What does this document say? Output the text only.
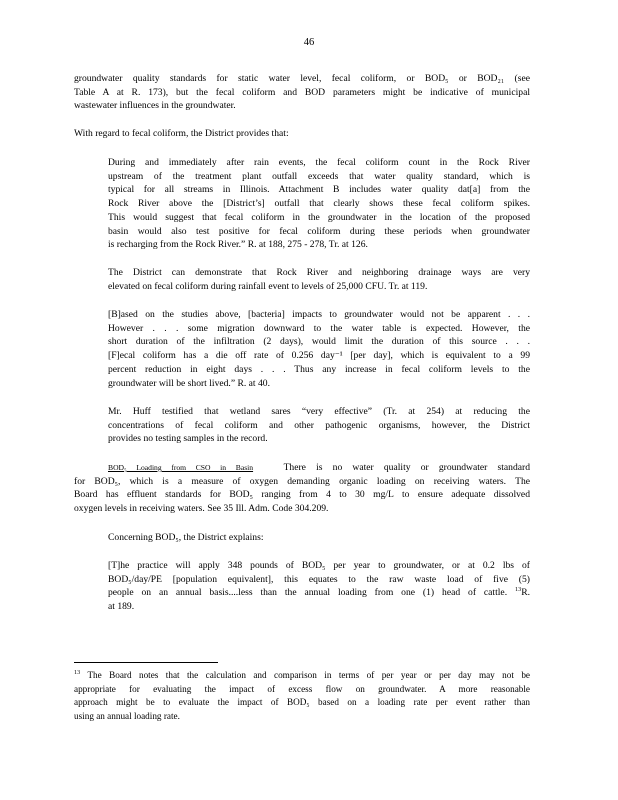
46
groundwater quality standards for static water level, fecal coliform, or BOD₅ or BOD₂₁ (see
Table A at R. 173), but the fecal coliform and BOD parameters might be indicative of municipal
wastewater influences in the groundwater.
With regard to fecal coliform, the District provides that:
During and immediately after rain events, the fecal coliform count in the Rock River
upstream of the treatment plant outfall exceeds that water quality standard, which is
typical for all streams in Illinois. Attachment B includes water quality dat[a] from the
Rock River above the [District’s] outfall that clearly shows these fecal coliform spikes.
This would suggest that fecal coliform in the groundwater in the location of the proposed
basin would also test positive for fecal coliform during these periods when groundwater
is recharging from the Rock River.” R. at 188, 275 - 278, Tr. at 126.
The District can demonstrate that Rock River and neighboring drainage ways are very
elevated on fecal coliform during rainfall event to levels of 25,000 CFU. Tr. at 119.
[B]ased on the studies above, [bacteria] impacts to groundwater would not be apparent . . .
However . . . some migration downward to the water table is expected. However, the
short duration of the infiltration (2 days), would limit the duration of this source . . .
[F]ecal coliform has a die off rate of 0.256 day⁻¹ [per day], which is equivalent to a 99
percent reduction in eight days . . . Thus any increase in fecal coliform levels to the
groundwater will be short lived.” R. at 40.
Mr. Huff testified that wetland sares “very effective” (Tr. at 254) at reducing the
concentrations of fecal coliform and other pathogenic organisms, however, the District
provides no testing samples in the record.
BOD₅ Loading from CSO in Basin	There is no water quality or groundwater standard
for BOD₅, which is a measure of oxygen demanding organic loading on receiving waters. The
Board has effluent standards for BOD₅ ranging from 4 to 30 mg/L to ensure adequate dissolved
oxygen levels in receiving waters. See 35 Ill. Adm. Code 304.209.
Concerning BOD₅, the District explains:
[T]he practice will apply 348 pounds of BOD₅ per year to groundwater, or at 0.2 lbs of
BOD₅/day/PE [population equivalent], this equates to the raw waste load of five (5)
people on an annual basis....less than the annual loading from one (1) head of cattle. $^{13}$R.
at 189.
$^{13}$ The Board notes that the calculation and comparison in terms of per year or per day may not be
appropriate for evaluating the impact of excess flow on groundwater. A more reasonable
approach might be to evaluate the impact of BOD₅ based on a loading rate per event rather than
using an annual loading rate.
